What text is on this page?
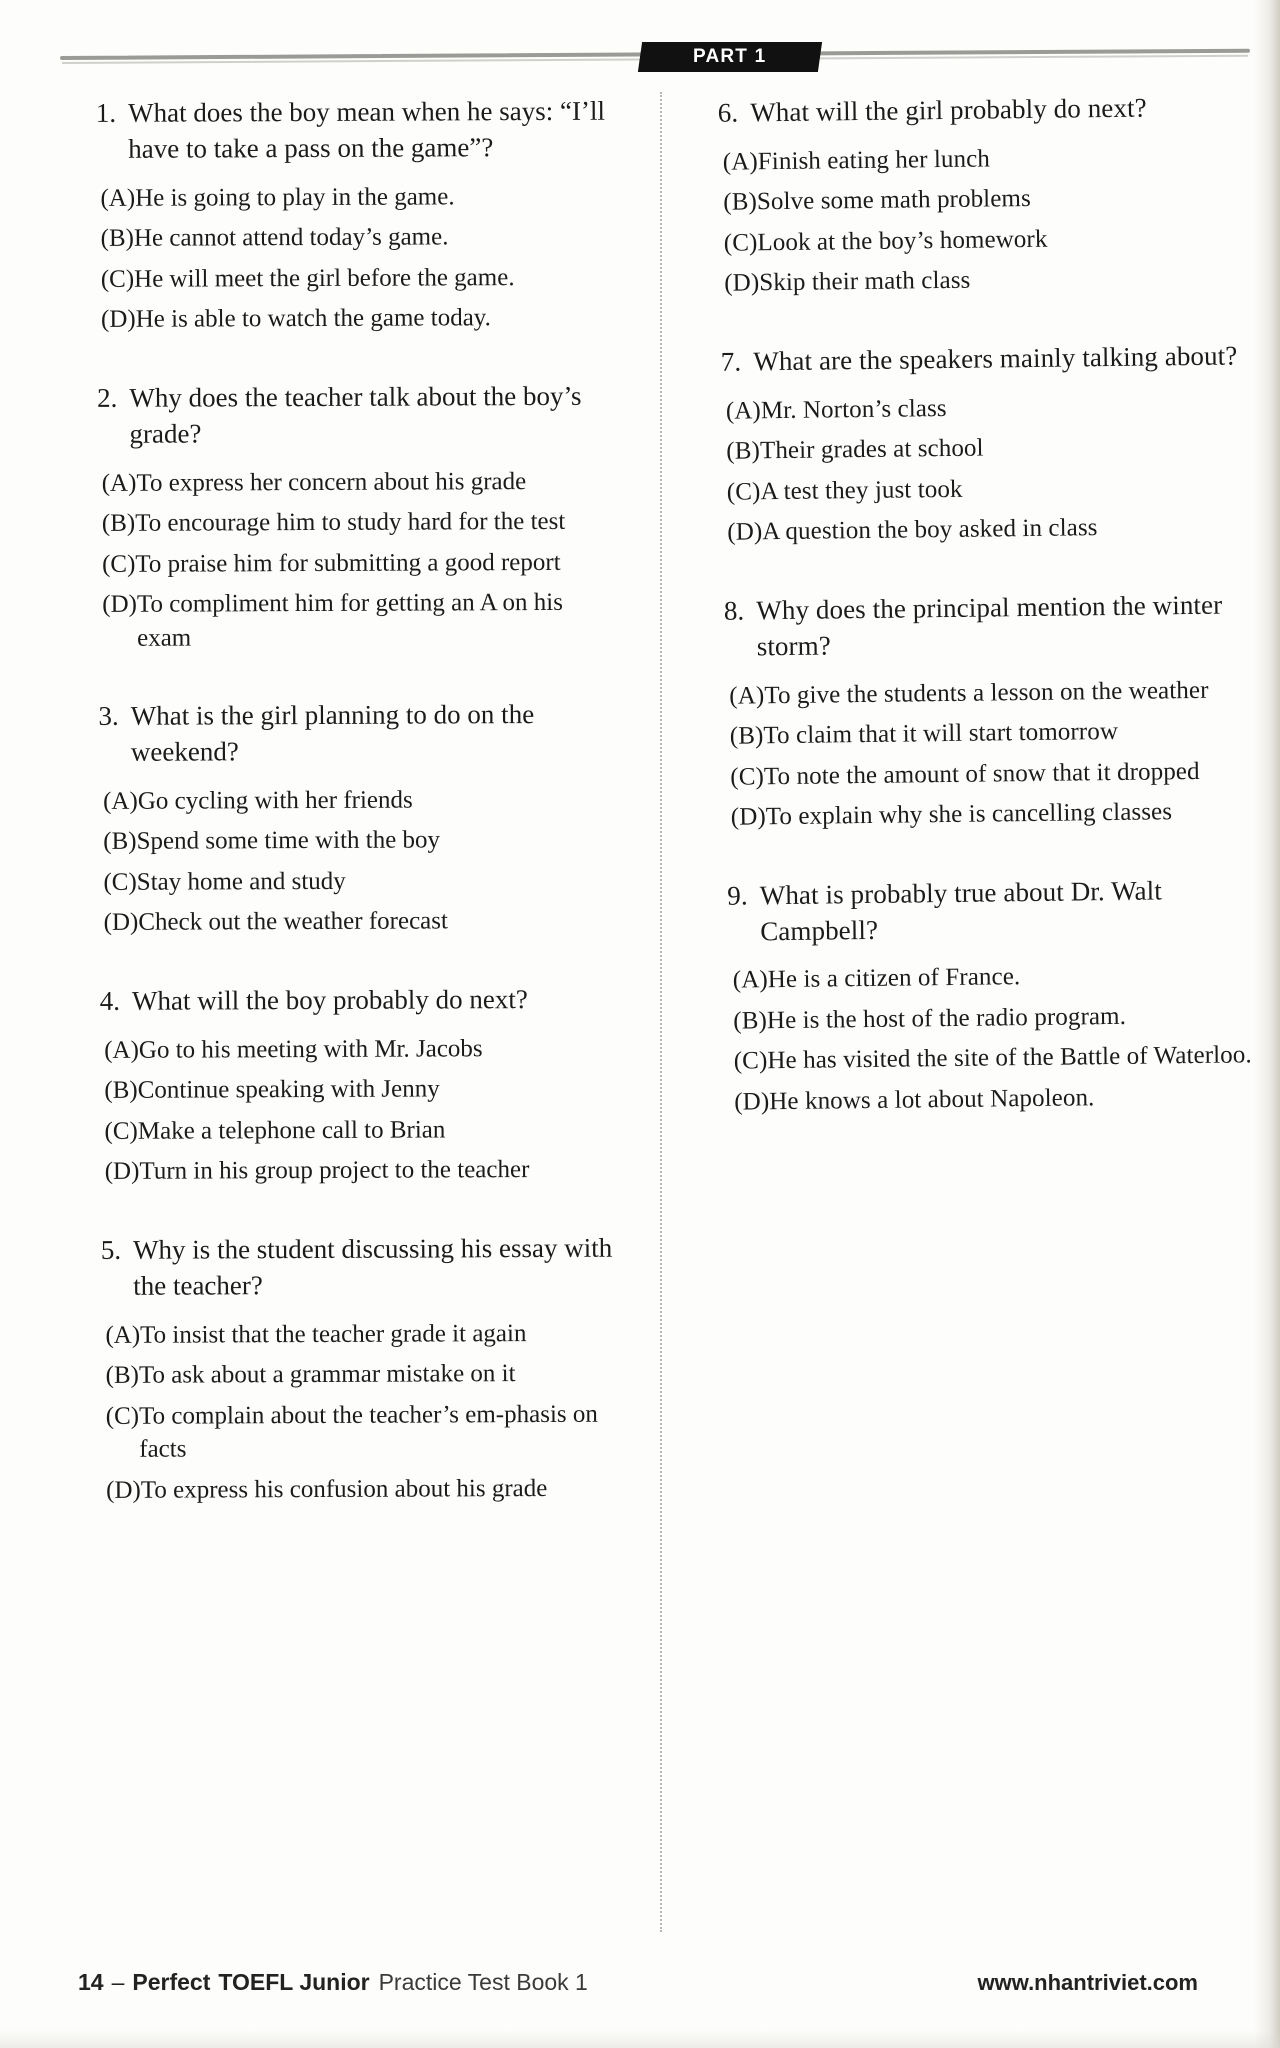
PART 1
1. What does the boy mean when he says: “I’ll have to take a pass on the game”?
(A) He is going to play in the game.
(B) He cannot attend today’s game.
(C) He will meet the girl before the game.
(D) He is able to watch the game today.
2. Why does the teacher talk about the boy’s grade?
(A) To express her concern about his grade
(B) To encourage him to study hard for the test
(C) To praise him for submitting a good report
(D) To compliment him for getting an A on his exam
3. What is the girl planning to do on the weekend?
(A) Go cycling with her friends
(B) Spend some time with the boy
(C) Stay home and study
(D) Check out the weather forecast
4. What will the boy probably do next?
(A) Go to his meeting with Mr. Jacobs
(B) Continue speaking with Jenny
(C) Make a telephone call to Brian
(D) Turn in his group project to the teacher
5. Why is the student discussing his essay with the teacher?
(A) To insist that the teacher grade it again
(B) To ask about a grammar mistake on it
(C) To complain about the teacher’s em-phasis on facts
(D) To express his confusion about his grade
6. What will the girl probably do next?
(A) Finish eating her lunch
(B) Solve some math problems
(C) Look at the boy’s homework
(D) Skip their math class
7. What are the speakers mainly talking about?
(A) Mr. Norton’s class
(B) Their grades at school
(C) A test they just took
(D) A question the boy asked in class
8. Why does the principal mention the winter storm?
(A) To give the students a lesson on the weather
(B) To claim that it will start tomorrow
(C) To note the amount of snow that it dropped
(D) To explain why she is cancelling classes
9. What is probably true about Dr. Walt Campbell?
(A) He is a citizen of France.
(B) He is the host of the radio program.
(C) He has visited the site of the Battle of Waterloo.
(D) He knows a lot about Napoleon.
14 – Perfect TOEFL Junior Practice Test Book 1	www.nhantriviet.com
